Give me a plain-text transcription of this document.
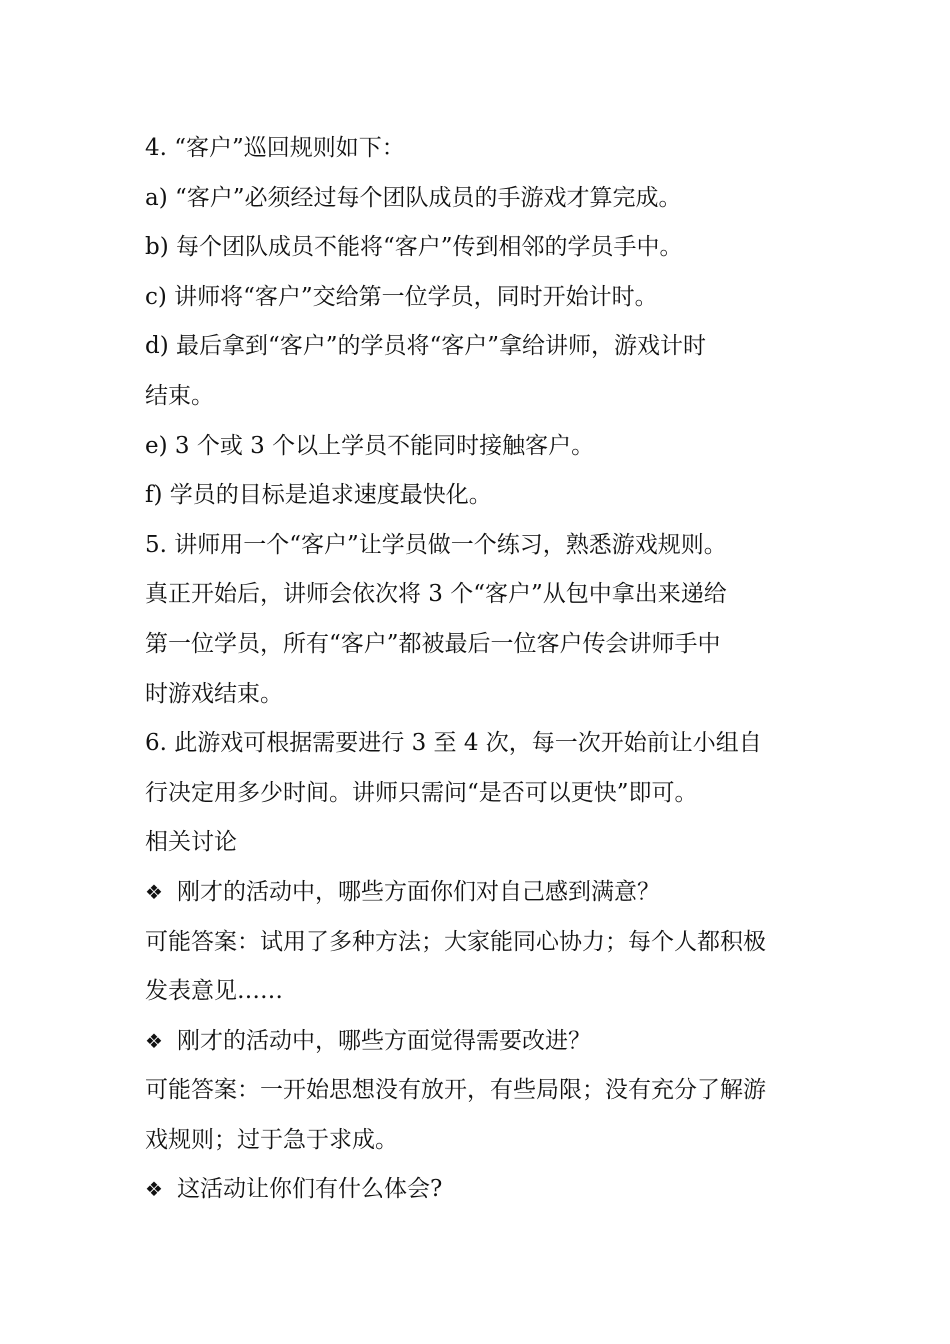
4. “客户”巡回规则如下：
a) “客户”必须经过每个团队成员的手游戏才算完成。
b) 每个团队成员不能将“客户”传到相邻的学员手中。
c) 讲师将“客户”交给第一位学员，同时开始计时。
d) 最后拿到“客户”的学员将“客户”拿给讲师，游戏计时
结束。
e) 3 个或 3 个以上学员不能同时接触客户。
f) 学员的目标是追求速度最快化。
5. 讲师用一个“客户”让学员做一个练习，熟悉游戏规则。
真正开始后，讲师会依次将 3 个“客户”从包中拿出来递给
第一位学员，所有“客户”都被最后一位客户传会讲师手中
时游戏结束。
6. 此游戏可根据需要进行 3 至 4 次，每一次开始前让小组自
行决定用多少时间。讲师只需问“是否可以更快”即可。
相关讨论
❖ 刚才的活动中，哪些方面你们对自己感到满意？
可能答案：试用了多种方法；大家能同心协力；每个人都积极
发表意见……
❖ 刚才的活动中，哪些方面觉得需要改进？
可能答案：一开始思想没有放开，有些局限；没有充分了解游
戏规则；过于急于求成。
❖ 这活动让你们有什么体会?
